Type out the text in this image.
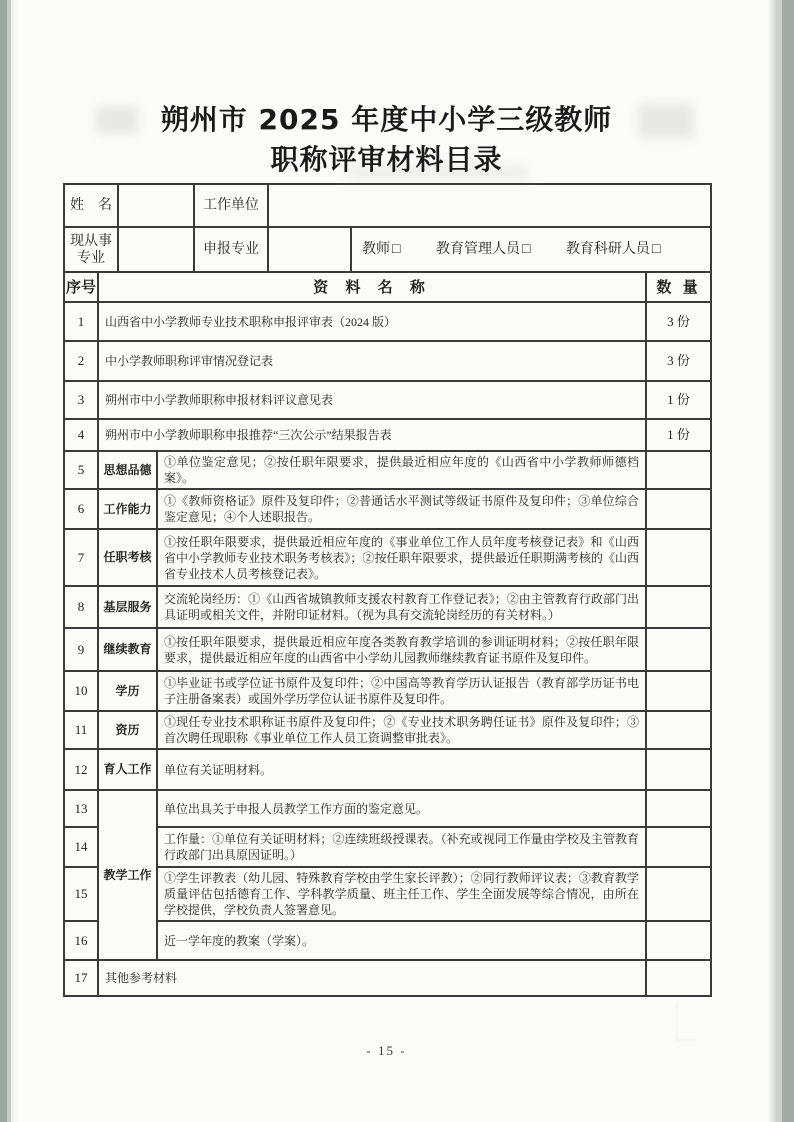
朔州市 2025 年度中小学三级教师
职称评审材料目录
姓　名		工作单位		

现从事
专业		申报专业		教师 □ 教育管理人员 □ 教育科研人员 □
序号	资 料 名 称		数 量
1	山西省中小学教师专业技术职称申报评审表（2024 版）		3 份
2	中小学教师职称评审情况登记表		3 份
3	朔州市中小学教师职称申报材料评议意见表		1 份
4	朔州市中小学教师职称申报推荐“三次公示”结果报告表		1 份
5	思想品德	①单位鉴定意见；②按任职年限要求，提供最近相应年度的《山西省中小学教师师德档案》。	
6	工作能力	①《教师资格证》原件及复印件；②普通话水平测试等级证书原件及复印件；③单位综合鉴定意见；④个人述职报告。	
7	任职考核	①按任职年限要求，提供最近相应年度的《事业单位工作人员年度考核登记表》和《山西省中小学教师专业技术职务考核表》；②按任职年限要求，提供最近任职期满考核的《山西省专业技术人员考核登记表》。	
8	基层服务	交流轮岗经历：①《山西省城镇教师支援农村教育工作登记表》；②由主管教育行政部门出具证明或相关文件，并附印证材料。（视为具有交流轮岗经历的有关材料。）	
9	继续教育	①按任职年限要求，提供最近相应年度各类教育教学培训的参训证明材料；②按任职年限要求，提供最近相应年度的山西省中小学幼儿园教师继续教育证书原件及复印件。	
10	学历	①毕业证书或学位证书原件及复印件；②中国高等教育学历认证报告（教育部学历证书电子注册备案表）或国外学历学位认证书原件及复印件。	
11	资历	①现任专业技术职称证书原件及复印件；②《专业技术职务聘任证书》原件及复印件；③首次聘任现职称《事业单位工作人员工资调整审批表》。	
12	育人工作	单位有关证明材料。	
13	教学工作	单位出具关于申报人员教学工作方面的鉴定意见。	
14		工作量：①单位有关证明材料；②连续班级授课表。（补充或视同工作量由学校及主管教育行政部门出具原因证明。）	
15		①学生评教表（幼儿园、特殊教育学校由学生家长评教）；②同行教师评议表；③教育教学质量评估包括德育工作、学科教学质量、班主任工作、学生全面发展等综合情况，由所在学校提供，学校负责人签署意见。	
16		近一学年度的教案（学案）。	
17	其他参考材料		
- 15 -
